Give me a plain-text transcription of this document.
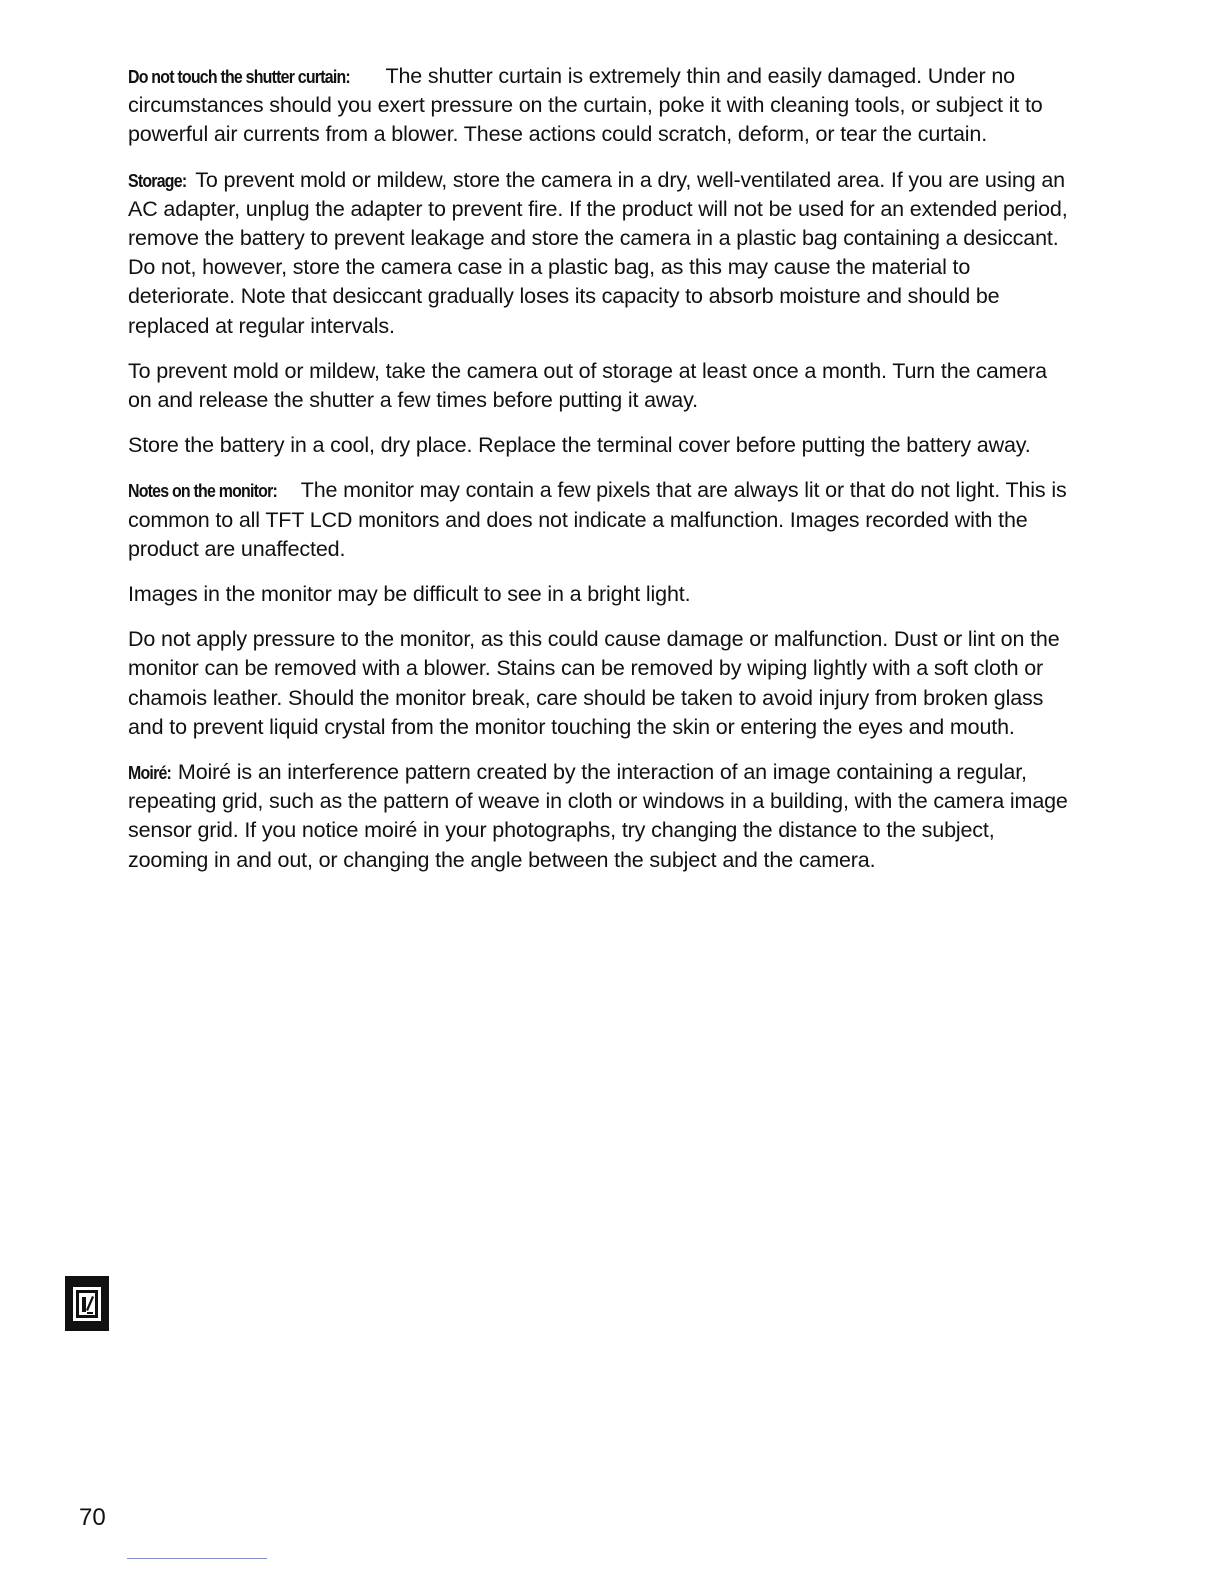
Do not touch the shutter curtain: The shutter curtain is extremely thin and easily damaged. Under no circumstances should you exert pressure on the curtain, poke it with cleaning tools, or subject it to powerful air currents from a blower. These actions could scratch, deform, or tear the curtain.

Storage: To prevent mold or mildew, store the camera in a dry, well-ventilated area. If you are using an AC adapter, unplug the adapter to prevent fire. If the product will not be used for an extended period, remove the battery to prevent leakage and store the camera in a plastic bag containing a desiccant. Do not, however, store the camera case in a plastic bag, as this may cause the material to deteriorate. Note that desiccant gradually loses its capacity to absorb moisture and should be replaced at regular intervals.

To prevent mold or mildew, take the camera out of storage at least once a month. Turn the camera on and release the shutter a few times before putting it away.

Store the battery in a cool, dry place. Replace the terminal cover before putting the battery away.

Notes on the monitor: The monitor may contain a few pixels that are always lit or that do not light. This is common to all TFT LCD monitors and does not indicate a malfunction. Images recorded with the product are unaffected.

Images in the monitor may be difficult to see in a bright light.

Do not apply pressure to the monitor, as this could cause damage or malfunction. Dust or lint on the monitor can be removed with a blower. Stains can be removed by wiping lightly with a soft cloth or chamois leather. Should the monitor break, care should be taken to avoid injury from broken glass and to prevent liquid crystal from the monitor touching the skin or entering the eyes and mouth.

Moiré: Moiré is an interference pattern created by the interaction of an image containing a regular, repeating grid, such as the pattern of weave in cloth or windows in a building, with the camera image sensor grid. If you notice moiré in your photographs, try changing the distance to the subject, zooming in and out, or changing the angle between the subject and the camera.

70
